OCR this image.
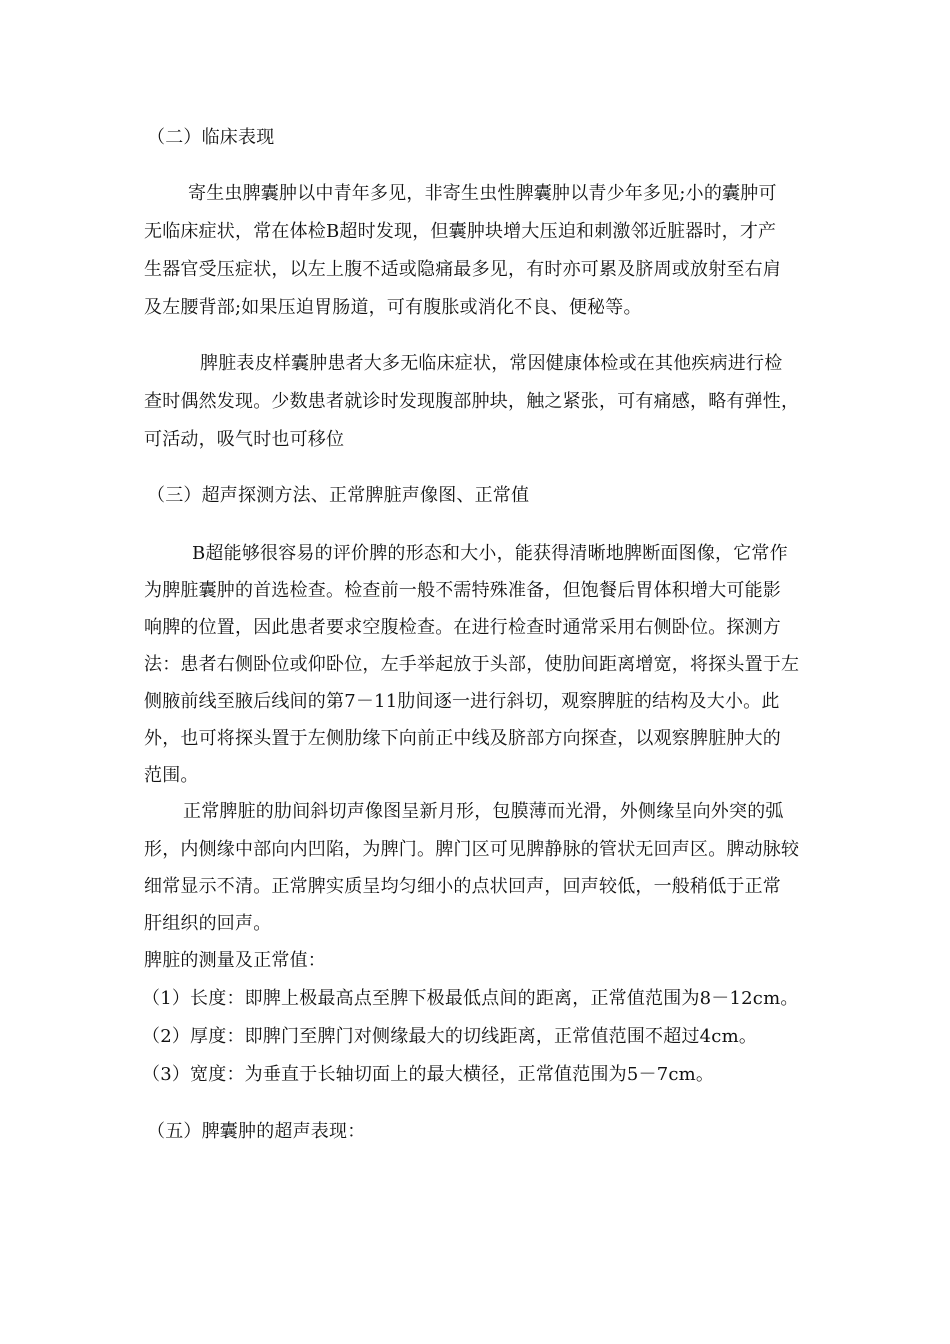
（二）临床表现
寄生虫脾囊肿以中青年多见，非寄生虫性脾囊肿以青少年多见;小的囊肿可
无临床症状，常在体检B超时发现，但囊肿块增大压迫和刺激邻近脏器时，才产
生器官受压症状，以左上腹不适或隐痛最多见，有时亦可累及脐周或放射至右肩
及左腰背部;如果压迫胃肠道，可有腹胀或消化不良、便秘等。
脾脏表皮样囊肿患者大多无临床症状，常因健康体检或在其他疾病进行检
查时偶然发现。少数患者就诊时发现腹部肿块，触之紧张，可有痛感，略有弹性，
可活动，吸气时也可移位
（三）超声探测方法、正常脾脏声像图、正常值
B超能够很容易的评价脾的形态和大小，能获得清晰地脾断面图像，它常作
为脾脏囊肿的首选检查。检查前一般不需特殊准备，但饱餐后胃体积增大可能影
响脾的位置，因此患者要求空腹检查。在进行检查时通常采用右侧卧位。探测方
法：患者右侧卧位或仰卧位，左手举起放于头部，使肋间距离增宽，将探头置于左
侧腋前线至腋后线间的第7－11肋间逐一进行斜切，观察脾脏的结构及大小。此
外，也可将探头置于左侧肋缘下向前正中线及脐部方向探查，以观察脾脏肿大的
范围。
正常脾脏的肋间斜切声像图呈新月形，包膜薄而光滑，外侧缘呈向外突的弧
形，内侧缘中部向内凹陷，为脾门。脾门区可见脾静脉的管状无回声区。脾动脉较
细常显示不清。正常脾实质呈均匀细小的点状回声，回声较低，一般稍低于正常
肝组织的回声。
脾脏的测量及正常值：
（1）长度：即脾上极最高点至脾下极最低点间的距离，正常值范围为8－12cm。
（2）厚度：即脾门至脾门对侧缘最大的切线距离，正常值范围不超过4cm。
（3）宽度：为垂直于长轴切面上的最大横径，正常值范围为5－7cm。
（五）脾囊肿的超声表现：
